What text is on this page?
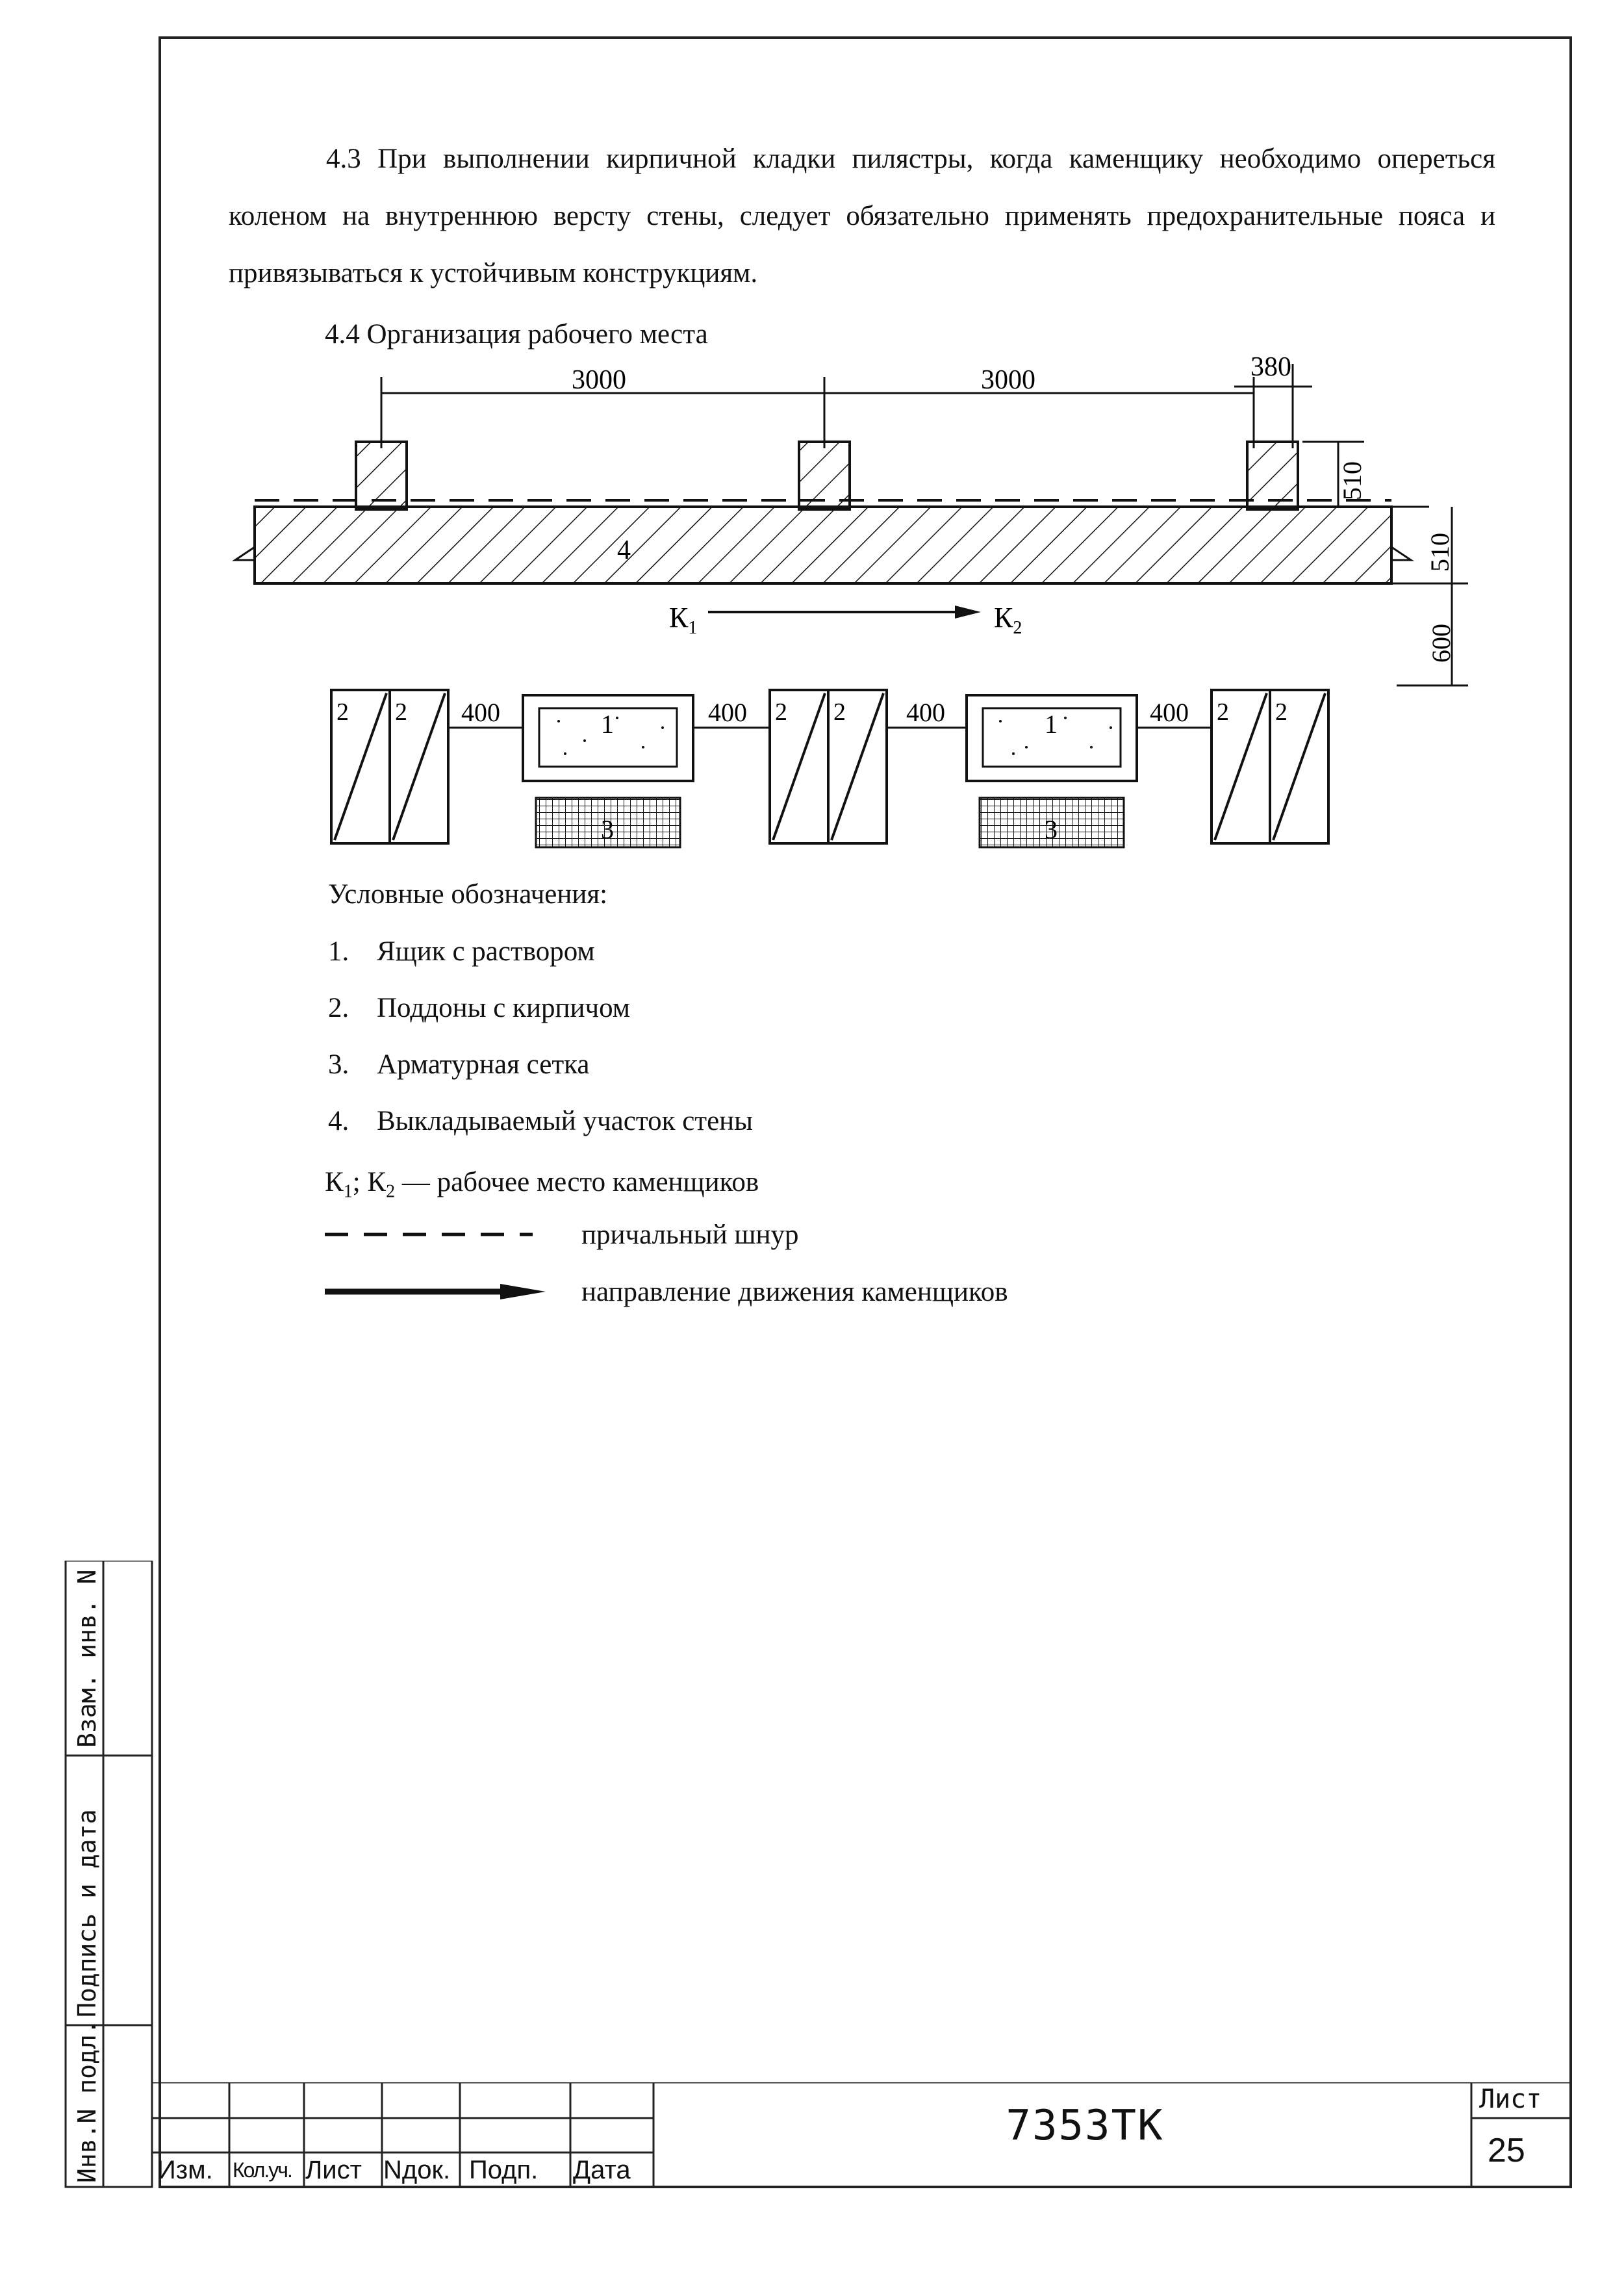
4.3 При выполнении кирпичной кладки пилястры, когда каменщику необходимо опереться коленом на внутреннюю версту стены, следует обязательно применять предохранительные пояса и привязываться к устойчивым конструкциям.

4.4 Организация рабочего места

4
3000	3000	380
510
510
600
$К_1$	$К_2$
2 2	2 2	2 2
1	1
3	3
400	400	400	400
Условные обозначения:
1. Ящик с раствором
2. Поддоны с кирпичом
3. Арматурная сетка
4. Выкладываемый участок стены
$К_1$; $К_2$ — рабочее место каменщиков
причальный шнур
направление движения каменщиков
Инв.N подл.
Подпись и дата
Взам. инв. N
7353ТК
Лист
25
Изм. Кол.уч. Лист Nдок. Подп. Дата
